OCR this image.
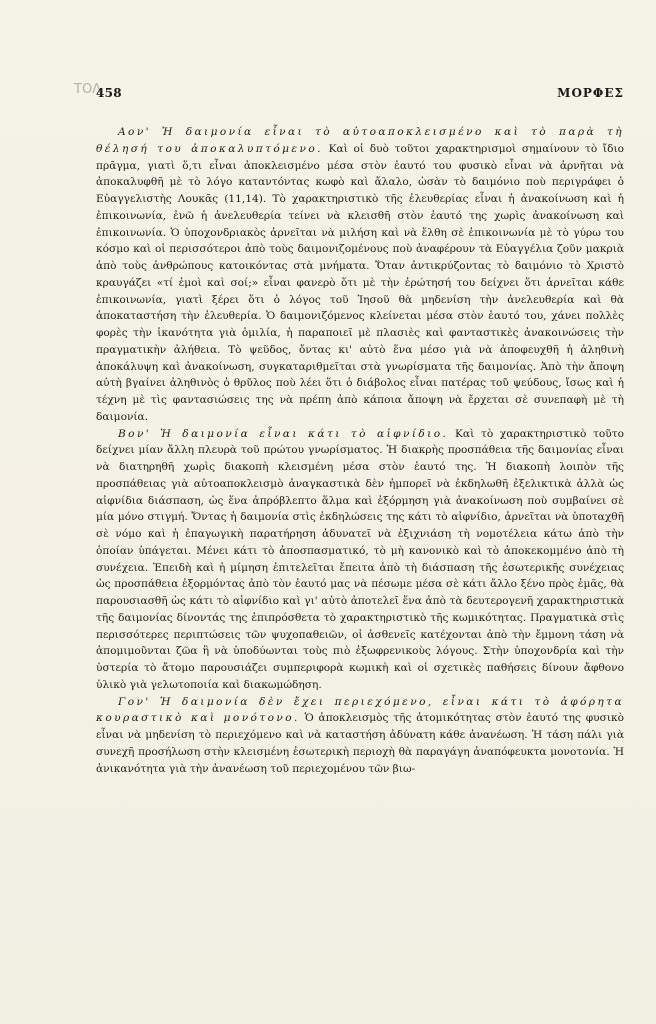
ΤΟΛ
458	ΜΟΡΦΕΣ

Αον' Ἡ δαιμονία εἶναι τὸ αὐτοαποκλεισμένο καὶ τὸ παρὰ τὴ θέλησή του ἀποκαλυπτόμενο. Καὶ οἱ δυὸ τοῦτοι χαρακτηρισμοὶ σημαίνουν τὸ ἴδιο πρᾶγμα, γιατὶ ὅ,τι εἶναι ἀποκλεισμένο μέσα στὸν ἑαυτό του φυσικὸ εἶναι νὰ ἀρνῆται νὰ ἀποκαλυφθῆ μὲ τὸ λόγο καταντόντας κωφὸ καὶ ἄλαλο, ὡσὰν τὸ δαιμόνιο ποὺ περιγράφει ὁ Εὐαγγελιστὴς Λουκᾶς (11,14). Τὸ χαρακτηριστικὸ τῆς ἐλευθερίας εἶναι ἡ ἀνακοίνωση καὶ ἡ ἐπικοινωνία, ἐνῶ ἡ ἀνελευθερία τείνει νὰ κλεισθῆ στὸν ἑαυτό της χωρὶς ἀνακοίνωση καὶ ἐπικοινωνία. Ὁ ὑποχονδριακὸς ἀρνεῖται νὰ μιλήση καὶ νὰ ἔλθη σὲ ἐπικοινωνία μὲ τὸ γύρω του κόσμο καὶ οἱ περισσότεροι ἀπὸ τοὺς δαιμονιζομένους ποὺ ἀναφέρουν τὰ Εὐαγγέλια ζοῦν μακριὰ ἀπὸ τοὺς ἀνθρώπους κατοικόντας στὰ μνήματα. Ὅταν ἀντικρύζοντας τὸ δαιμόνιο τὸ Χριστὸ κραυγάζει «τί ἐμοὶ καὶ σοί;» εἶναι φανερὸ ὅτι μὲ τὴν ἐρώτησή του δείχνει ὅτι ἀρνεῖται κάθε ἐπικοινωνία, γιατὶ ξέρει ὅτι ὁ λόγος τοῦ Ἰησοῦ θὰ μηδενίση τὴν ἀνελευθερία καὶ θὰ ἀποκαταστήση τὴν ἐλευθερία. Ὁ δαιμονιζόμενος κλείνεται μέσα στὸν ἑαυτό του, χάνει πολλὲς φορὲς τὴν ἱκανότητα γιὰ ὁμιλία, ἡ παραποιεῖ μὲ πλασιὲς καὶ φανταστικὲς ἀνακοινώσεις τὴν πραγματικὴν ἀλήθεια. Τὸ ψεῦδος, ὄντας κι' αὐτὸ ἕνα μέσο γιὰ νὰ ἀποφευχθῆ ἡ ἀληθινὴ ἀποκάλυψη καὶ ἀνακοίνωση, συγκαταριθμεῖται στὰ γνωρίσματα τῆς δαιμονίας. Ἀπὸ τὴν ἄποψη αὐτὴ βγαίνει ἀληθινὸς ὁ θρῦλος ποὺ λέει ὅτι ὁ διάβολος εἶναι πατέρας τοῦ ψεύδους, ἴσως καὶ ἡ τέχνη μὲ τὶς φαντασιώσεις της νὰ πρέπη ἀπὸ κάποια ἄποψη νὰ ἔρχεται σὲ συνεπαφὴ μὲ τὴ δαιμονία.

Βον' Ἡ δαιμονία εἶναι κάτι τὸ αἰφνίδιο. Καὶ τὸ χαρακτηριστικὸ τοῦτο δείχνει μίαν ἄλλη πλευρὰ τοῦ πρώτου γνωρίσματος. Ἡ διακρὴς προσπάθεια τῆς δαιμονίας εἶναι νὰ διατηρηθῆ χωρὶς διακοπὴ κλεισμένη μέσα στὸν ἑαυτό της. Ἡ διακοπὴ λοιπὸν τῆς προσπάθειας γιὰ αὐτοαποκλεισμὸ ἀναγκαστικὰ δὲν ἠμπορεῖ νὰ ἐκδηλωθῆ ἐξελικτικὰ ἀλλὰ ὡς αἰφνίδια διάσπαση, ὡς ἕνα ἀπρόβλεπτο ἅλμα καὶ ἐξόρμηση γιὰ ἀνακοίνωση ποὺ συμβαίνει σὲ μία μόνο στιγμή. Ὄντας ἡ δαιμονία στὶς ἐκδηλώσεις της κάτι τὸ αἰφνίδιο, ἀρνεῖται νὰ ὑποταχθῆ σὲ νόμο καὶ ἡ ἐπαγωγικὴ παρατήρηση ἀδυνατεῖ νὰ ἐξιχνιάση τὴ νομοτέλεια κάτω ἀπὸ τὴν ὁποίαν ὑπάγεται. Μένει κάτι τὸ ἀποσπασματικό, τὸ μὴ κανονικὸ καὶ τὸ ἀποκεκομμένο ἀπὸ τὴ συνέχεια. Ἐπειδὴ καὶ ἡ μίμηση ἐπιτελεῖται ἔπειτα ἀπὸ τὴ διάσπαση τῆς ἐσωτερικῆς συνέχειας ὡς προσπάθεια ἐξορμόντας ἀπὸ τὸν ἑαυτό μας νὰ πέσωμε μέσα σὲ κάτι ἄλλο ξένο πρὸς ἐμᾶς, θὰ παρουσιασθῆ ὡς κάτι τὸ αἰφνίδιο καὶ γι' αὐτὸ ἀποτελεῖ ἕνα ἀπὸ τὰ δευτερογενῆ χαρακτηριστικὰ τῆς δαιμονίας δίνοντάς της ἐπιπρόσθετα τὸ χαρακτηριστικὸ τῆς κωμικότητας. Πραγματικὰ στὶς περισσότερες περιπτώσεις τῶν ψυχοπαθειῶν, οἱ ἀσθενεῖς κατέχονται ἀπὸ τὴν ἔμμονη τάση νὰ ἀπομιμοῦνται ζῶα ἢ νὰ ὑποδύωνται τοὺς πιὸ ἐξωφρενικοὺς λόγους. Στὴν ὑποχονδρία καὶ τὴν ὑστερία τὸ ἄτομο παρουσιάζει συμπεριφορὰ κωμικὴ καὶ οἱ σχετικὲς παθήσεις δίνουν ἄφθονο ὑλικὸ γιὰ γελωτοποιία καὶ διακωμώδηση.

Γον' Ἡ δαιμονία δὲν ἔχει περιεχόμενο, εἶναι κάτι τὸ ἀφόρητα κουραστικὸ καὶ μονότονο. Ὁ ἀποκλεισμὸς τῆς ἀτομικότητας στὸν ἑαυτό της φυσικὸ εἶναι νὰ μηδενίση τὸ περιεχόμενο καὶ νὰ καταστήση ἀδύνατη κάθε ἀνανέωση. Ἡ τάση πάλι γιὰ συνεχῆ προσήλωση στὴν κλεισμένη ἐσωτερικὴ περιοχὴ θὰ παραγάγη ἀναπόφευκτα μονοτονία. Ἡ ἀνικανότητα γιὰ τὴν ἀνανέωση τοῦ περιεχομένου τῶν βιω-
